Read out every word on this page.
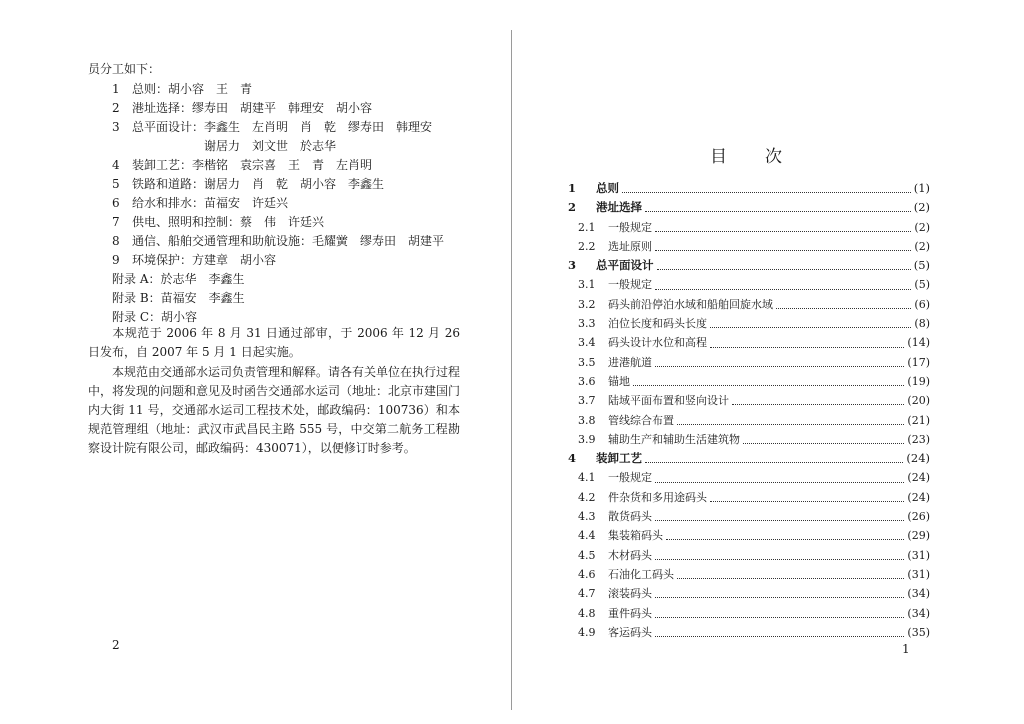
员分工如下：
1	总则：胡小容　王　青
2	港址选择：缪寿田　胡建平　韩理安　胡小容
3	总平面设计：李鑫生　左肖明　肖　乾　缪寿田　韩理安
谢居力　刘文世　於志华
4	装卸工艺：李楷铭　袁宗喜　王　青　左肖明
5	铁路和道路：谢居力　肖　乾　胡小容　李鑫生
6	给水和排水：苗福安　许廷兴
7	供电、照明和控制：蔡　伟　许廷兴
8	通信、船舶交通管理和助航设施：毛耀黉　缪寿田　胡建平
9	环境保护：方建章　胡小容
附录 A：於志华　李鑫生
附录 B：苗福安　李鑫生
附录 C：胡小容
本规范于 2006 年 8 月 31 日通过部审，于 2006 年 12 月 26 日发布，自 2007 年 5 月 1 日起实施。
本规范由交通部水运司负责管理和解释。请各有关单位在执行过程中，将发现的问题和意见及时函告交通部水运司（地址：北京市建国门内大街 11 号，交通部水运司工程技术处，邮政编码：100736）和本规范管理组（地址：武汉市武昌民主路 555 号，中交第二航务工程勘察设计院有限公司，邮政编码：430071），以便修订时参考。
2
目次
1	总则	(1)
2	港址选择	(2)
2.1	一般规定	(2)
2.2	选址原则	(2)
3	总平面设计	(5)
3.1	一般规定	(5)
3.2	码头前沿停泊水域和船舶回旋水域	(6)
3.3	泊位长度和码头长度	(8)
3.4	码头设计水位和高程	(14)
3.5	进港航道	(17)
3.6	锚地	(19)
3.7	陆域平面布置和竖向设计	(20)
3.8	管线综合布置	(21)
3.9	辅助生产和辅助生活建筑物	(23)
4	装卸工艺	(24)
4.1	一般规定	(24)
4.2	件杂货和多用途码头	(24)
4.3	散货码头	(26)
4.4	集装箱码头	(29)
4.5	木材码头	(31)
4.6	石油化工码头	(31)
4.7	滚装码头	(34)
4.8	重件码头	(34)
4.9	客运码头	(35)
1
